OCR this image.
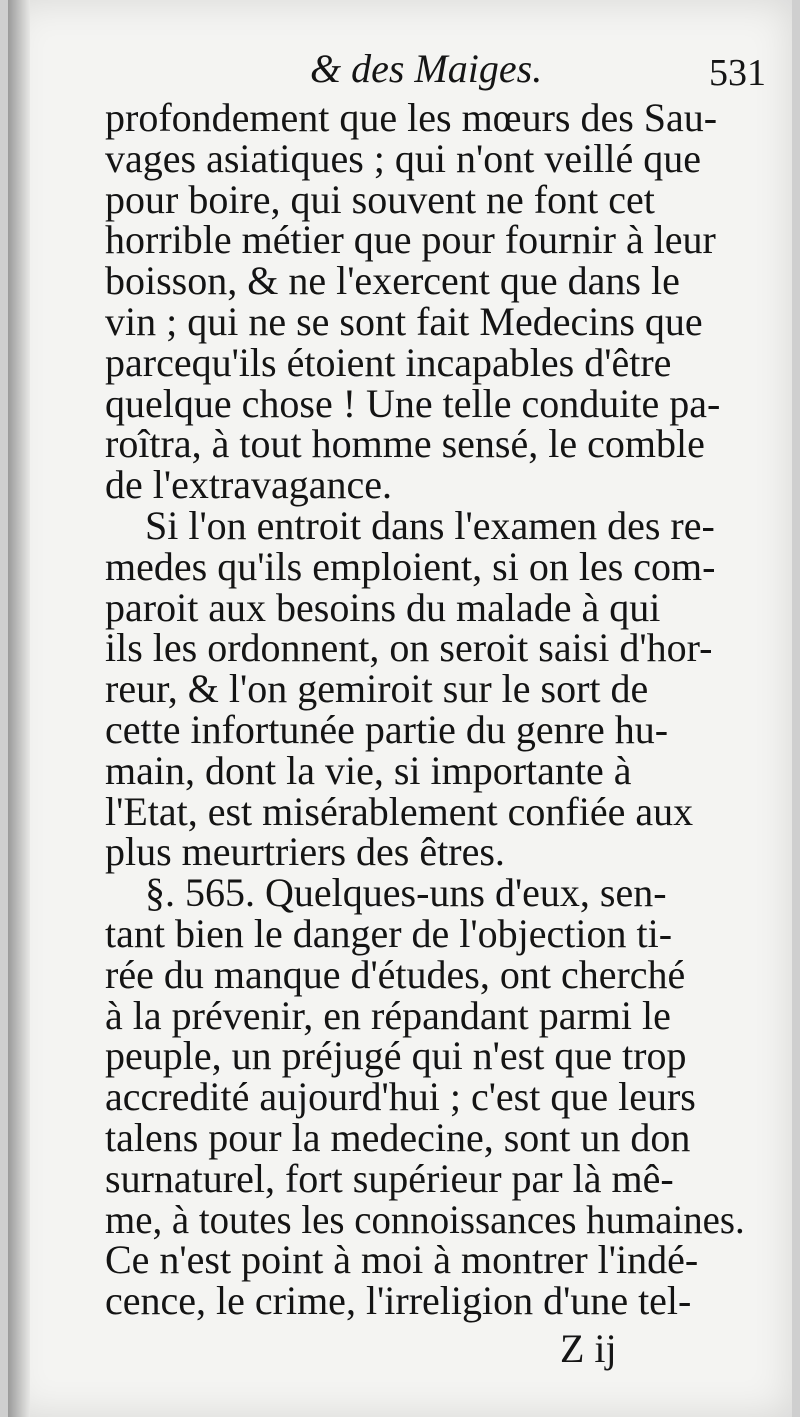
& des Maiges.	531
profondement que les mœurs des Sau-
vages asiatiques ; qui n'ont veillé que
pour boire, qui souvent ne font cet
horrible métier que pour fournir à leur
boisson, & ne l'exercent que dans le
vin ; qui ne se sont fait Medecins que
parcequ'ils étoient incapables d'être
quelque chose ! Une telle conduite pa-
roîtra, à tout homme sensé, le comble
de l'extravagance.
Si l'on entroit dans l'examen des re-
medes qu'ils emploient, si on les com-
paroit aux besoins du malade à qui
ils les ordonnent, on seroit saisi d'hor-
reur, & l'on gemiroit sur le sort de
cette infortunée partie du genre hu-
main, dont la vie, si importante à
l'Etat, est misérablement confiée aux
plus meurtriers des êtres.
§. 565. Quelques-uns d'eux, sen-
tant bien le danger de l'objection ti-
rée du manque d'études, ont cherché
à la prévenir, en répandant parmi le
peuple, un préjugé qui n'est que trop
accredité aujourd'hui ; c'est que leurs
talens pour la medecine, sont un don
surnaturel, fort supérieur par là mê-
me, à toutes les connoissances humaines.
Ce n'est point à moi à montrer l'indé-
cence, le crime, l'irreligion d'une tel-
Z ij
